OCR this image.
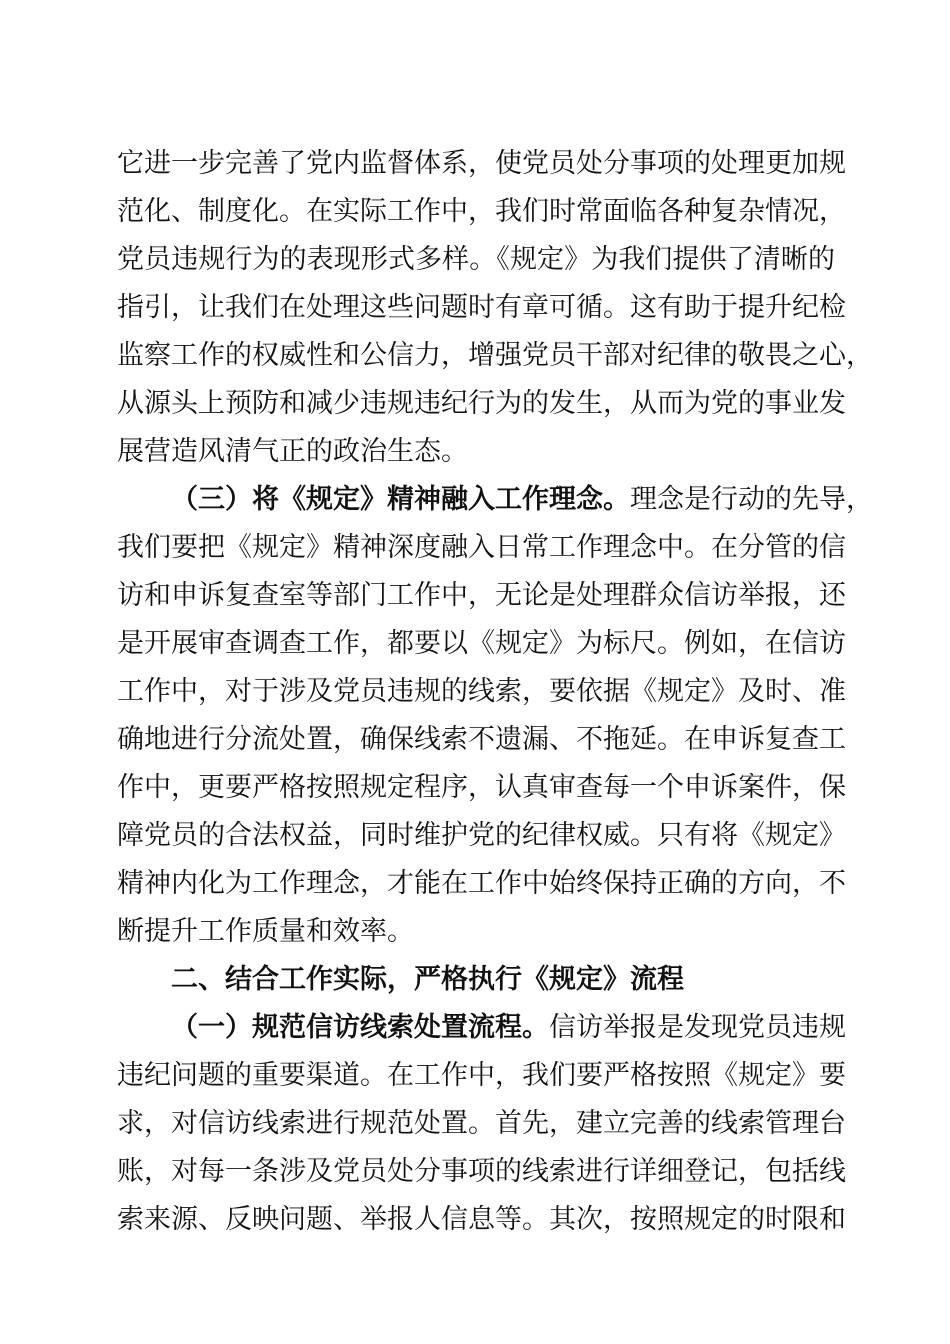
它进一步完善了党内监督体系，使党员处分事项的处理更加规
范化、制度化。在实际工作中，我们时常面临各种复杂情况，
党员违规行为的表现形式多样。《规定》为我们提供了清晰的
指引，让我们在处理这些问题时有章可循。这有助于提升纪检
监察工作的权威性和公信力，增强党员干部对纪律的敬畏之心，
从源头上预防和减少违规违纪行为的发生，从而为党的事业发
展营造风清气正的政治生态。
（三）将《规定》精神融入工作理念。理念是行动的先导，
我们要把《规定》精神深度融入日常工作理念中。在分管的信
访和申诉复查室等部门工作中，无论是处理群众信访举报，还
是开展审查调查工作，都要以《规定》为标尺。例如，在信访
工作中，对于涉及党员违规的线索，要依据《规定》及时、准
确地进行分流处置，确保线索不遗漏、不拖延。在申诉复查工
作中，更要严格按照规定程序，认真审查每一个申诉案件，保
障党员的合法权益，同时维护党的纪律权威。只有将《规定》
精神内化为工作理念，才能在工作中始终保持正确的方向，不
断提升工作质量和效率。
二、结合工作实际，严格执行《规定》流程
（一）规范信访线索处置流程。信访举报是发现党员违规
违纪问题的重要渠道。在工作中，我们要严格按照《规定》要
求，对信访线索进行规范处置。首先，建立完善的线索管理台
账，对每一条涉及党员处分事项的线索进行详细登记，包括线
索来源、反映问题、举报人信息等。其次，按照规定的时限和
